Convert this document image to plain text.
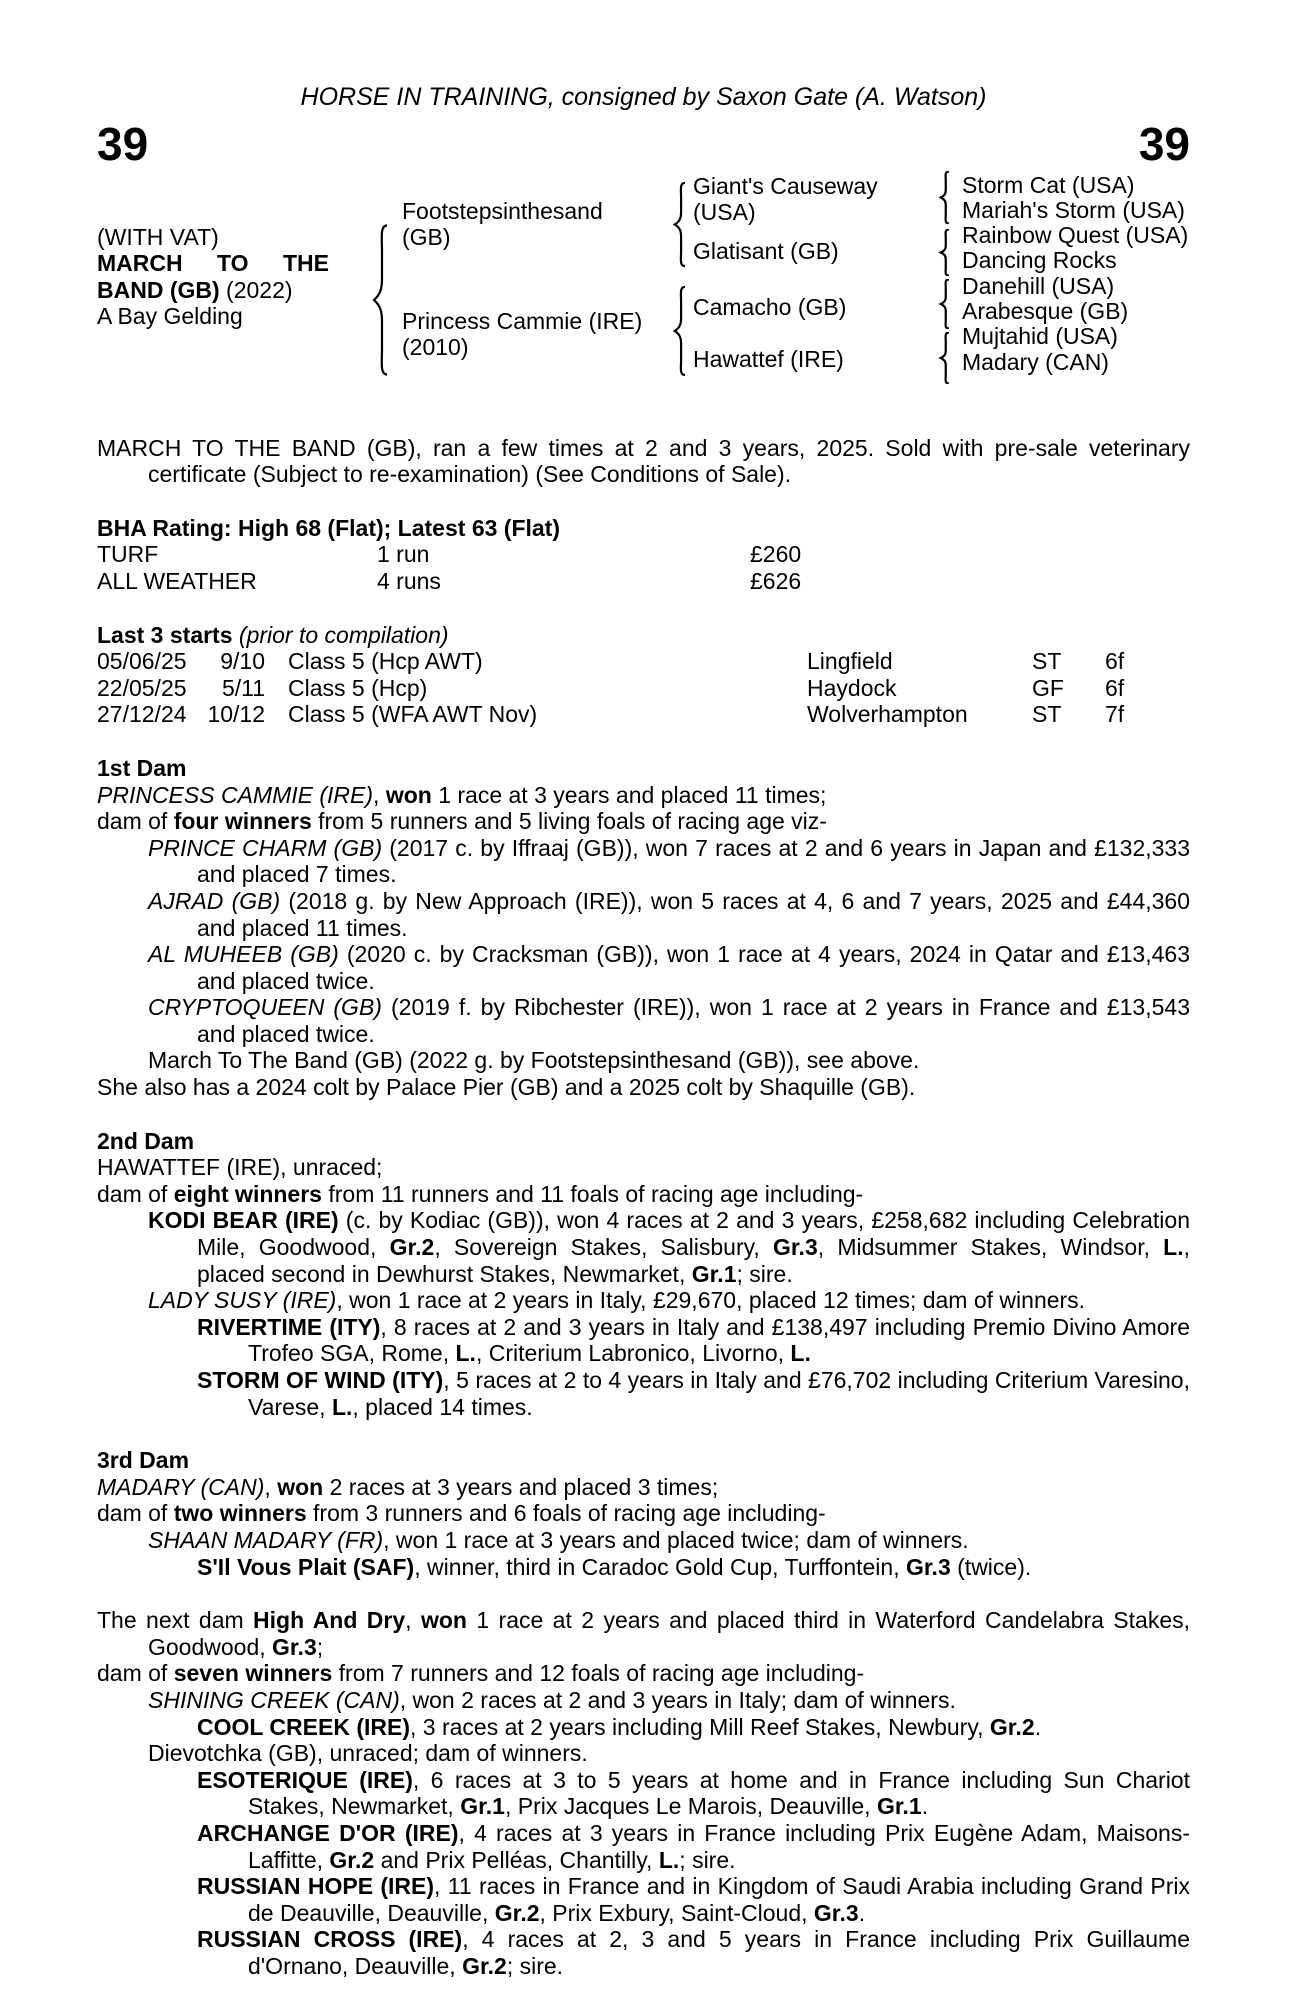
HORSE IN TRAINING, consigned by Saxon Gate (A. Watson)
39	39
(WITH VAT)
MARCH TO THE BAND (GB) (2022)
A Bay Gelding
Footstepsinthesand
(GB)
Princess Cammie (IRE)
(2010)
Giant's Causeway
(USA)
Glatisant (GB)
Camacho (GB)
Hawattef (IRE)
Storm Cat (USA)
Mariah's Storm (USA)
Rainbow Quest (USA)
Dancing Rocks
Danehill (USA)
Arabesque (GB)
Mujtahid (USA)
Madary (CAN)
MARCH TO THE BAND (GB), ran a few times at 2 and 3 years, 2025. Sold with pre-sale veterinary certificate (Subject to re-examination) (See Conditions of Sale).
BHA Rating: High 68 (Flat); Latest 63 (Flat)
TURF	1 run	£260
ALL WEATHER	4 runs	£626
Last 3 starts (prior to compilation)
05/06/25	9/10 Class 5 (Hcp AWT)	Lingfield	ST 6f
22/05/25	5/11 Class 5 (Hcp)	Haydock	GF 6f
27/12/24 10/12 Class 5 (WFA AWT Nov)	Wolverhampton	ST 7f
1st Dam
PRINCESS CAMMIE (IRE), won 1 race at 3 years and placed 11 times;
dam of four winners from 5 runners and 5 living foals of racing age viz-
PRINCE CHARM (GB) (2017 c. by Iffraaj (GB)), won 7 races at 2 and 6 years in Japan and £132,333 and placed 7 times.
AJRAD (GB) (2018 g. by New Approach (IRE)), won 5 races at 4, 6 and 7 years, 2025 and £44,360 and placed 11 times.
AL MUHEEB (GB) (2020 c. by Cracksman (GB)), won 1 race at 4 years, 2024 in Qatar and £13,463 and placed twice.
CRYPTOQUEEN (GB) (2019 f. by Ribchester (IRE)), won 1 race at 2 years in France and £13,543 and placed twice.
March To The Band (GB) (2022 g. by Footstepsinthesand (GB)), see above.
She also has a 2024 colt by Palace Pier (GB) and a 2025 colt by Shaquille (GB).
2nd Dam
HAWATTEF (IRE), unraced;
dam of eight winners from 11 runners and 11 foals of racing age including-
KODI BEAR (IRE) (c. by Kodiac (GB)), won 4 races at 2 and 3 years, £258,682 including Celebration Mile, Goodwood, Gr.2, Sovereign Stakes, Salisbury, Gr.3, Midsummer Stakes, Windsor, L., placed second in Dewhurst Stakes, Newmarket, Gr.1; sire.
LADY SUSY (IRE), won 1 race at 2 years in Italy, £29,670, placed 12 times; dam of winners.
RIVERTIME (ITY), 8 races at 2 and 3 years in Italy and £138,497 including Premio Divino Amore Trofeo SGA, Rome, L., Criterium Labronico, Livorno, L.
STORM OF WIND (ITY), 5 races at 2 to 4 years in Italy and £76,702 including Criterium Varesino, Varese, L., placed 14 times.
3rd Dam
MADARY (CAN), won 2 races at 3 years and placed 3 times;
dam of two winners from 3 runners and 6 foals of racing age including-
SHAAN MADARY (FR), won 1 race at 3 years and placed twice; dam of winners.
S'Il Vous Plait (SAF), winner, third in Caradoc Gold Cup, Turffontein, Gr.3 (twice).
The next dam High And Dry, won 1 race at 2 years and placed third in Waterford Candelabra Stakes, Goodwood, Gr.3;
dam of seven winners from 7 runners and 12 foals of racing age including-
SHINING CREEK (CAN), won 2 races at 2 and 3 years in Italy; dam of winners.
COOL CREEK (IRE), 3 races at 2 years including Mill Reef Stakes, Newbury, Gr.2.
Dievotchka (GB), unraced; dam of winners.
ESOTERIQUE (IRE), 6 races at 3 to 5 years at home and in France including Sun Chariot Stakes, Newmarket, Gr.1, Prix Jacques Le Marois, Deauville, Gr.1.
ARCHANGE D'OR (IRE), 4 races at 3 years in France including Prix Eugène Adam, Maisons-Laffitte, Gr.2 and Prix Pelléas, Chantilly, L.; sire.
RUSSIAN HOPE (IRE), 11 races in France and in Kingdom of Saudi Arabia including Grand Prix de Deauville, Deauville, Gr.2, Prix Exbury, Saint-Cloud, Gr.3.
RUSSIAN CROSS (IRE), 4 races at 2, 3 and 5 years in France including Prix Guillaume d'Ornano, Deauville, Gr.2; sire.
